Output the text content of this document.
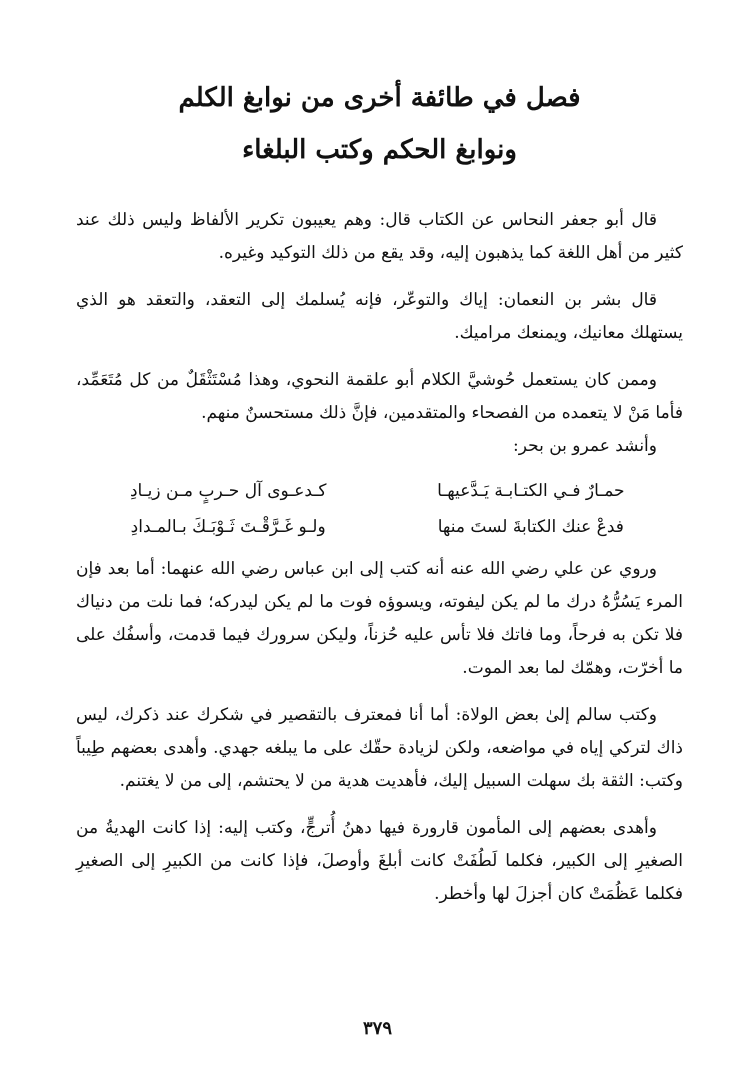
فصل في طائفة أخرى من نوابغ الكلم
ونوابغ الحكم وكتب البلغاء

قال أبو جعفر النحاس عن الكتاب قال: وهم يعيبون تكرير الألفاظ وليس ذلك عند كثير من أهل اللغة كما يذهبون إليه، وقد يقع من ذلك التوكيد وغيره.

قال بشر بن النعمان: إياك والتوعّر، فإنه يُسلمك إلى التعقد، والتعقد هو الذي يستهلك معانيك، ويمنعك مراميك.

وممن كان يستعمل حُوشيَّ الكلام أبو علقمة النحوي، وهذا مُسْتَثْقَلٌ من كل مُتَعَمِّد، فأما مَنْ لا يتعمده من الفصحاء والمتقدمين، فإنَّ ذلك مستحسنٌ منهم.

وأنشد عمرو بن بحر:

حمـارٌ فـي الكتـابـة يَـدَّعيهـا
كـدعـوى آل حـربٍ مـن زيـادِ
فدعْ عنك الكتابةَ لستَ منها
ولـو غَـرَّقْـتَ ثَـوْبَـكَ بـالمـدادِ

وروي عن علي رضي الله عنه أنه كتب إلى ابن عباس رضي الله عنهما: أما بعد فإن المرء يَسُرُّهُ درك ما لم يكن ليفوته، ويسوؤه فوت ما لم يكن ليدركه؛ فما نلت من دنياك فلا تكن به فرحاً، وما فاتك فلا تأس عليه حُزناً، وليكن سرورك فيما قدمت، وأسفُك على ما أخرّت، وهمّك لما بعد الموت.

وكتب سالم إلىٰ بعض الولاة: أما أنا فمعترف بالتقصير في شكرك عند ذكرك، ليس ذاك لتركي إياه في مواضعه، ولكن لزيادة حقّك على ما يبلغه جهدي. وأهدى بعضهم طِيباً وكتب: الثقة بك سهلت السبيل إليك، فأهديت هدية من لا يحتشم، إلى من لا يغتنم.

وأهدى بعضهم إلى المأمون قارورة فيها دهنُ أُترجٍّ، وكتب إليه: إذا كانت الهديةُ من الصغيرِ إلى الكبير، فكلما لَطُفَتْ كانت أبلغَ وأوصلَ، فإذا كانت من الكبيرِ إلى الصغيرِ فكلما عَظُمَتْ كان أجزلَ لها وأخطر.

٣٧٩
